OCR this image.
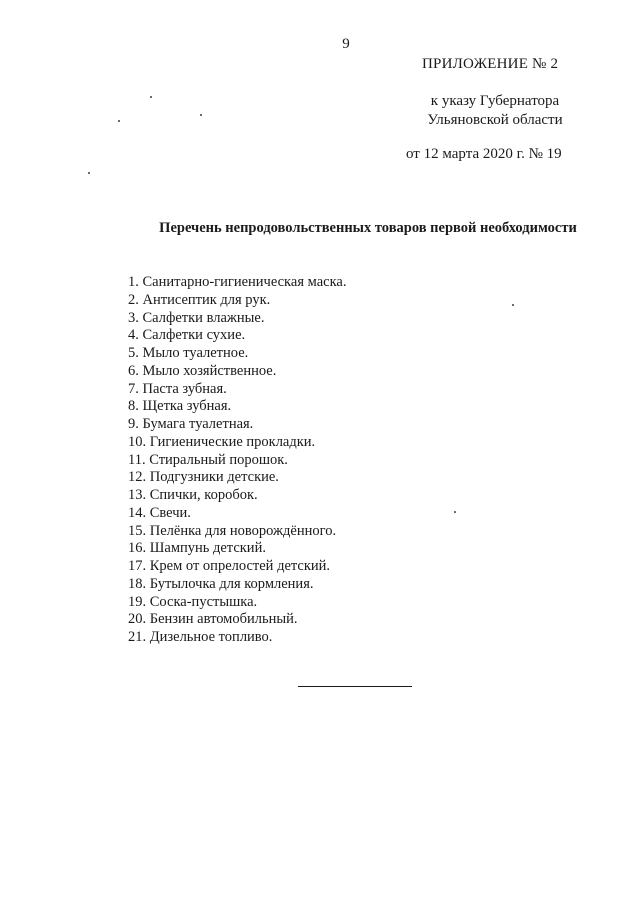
9
ПРИЛОЖЕНИЕ № 2
к указу Губернатора
Ульяновской области
от 12 марта 2020 г. № 19
Перечень непродовольственных товаров первой необходимости
1. Санитарно-гигиеническая маска.
2. Антисептик для рук.
3. Салфетки влажные.
4. Салфетки сухие.
5. Мыло туалетное.
6. Мыло хозяйственное.
7. Паста зубная.
8. Щетка зубная.
9. Бумага туалетная.
10. Гигиенические прокладки.
11. Стиральный порошок.
12. Подгузники детские.
13. Спички, коробок.
14. Свечи.
15. Пелёнка для новорождённого.
16. Шампунь детский.
17. Крем от опрелостей детский.
18. Бутылочка для кормления.
19. Соска-пустышка.
20. Бензин автомобильный.
21. Дизельное топливо.
